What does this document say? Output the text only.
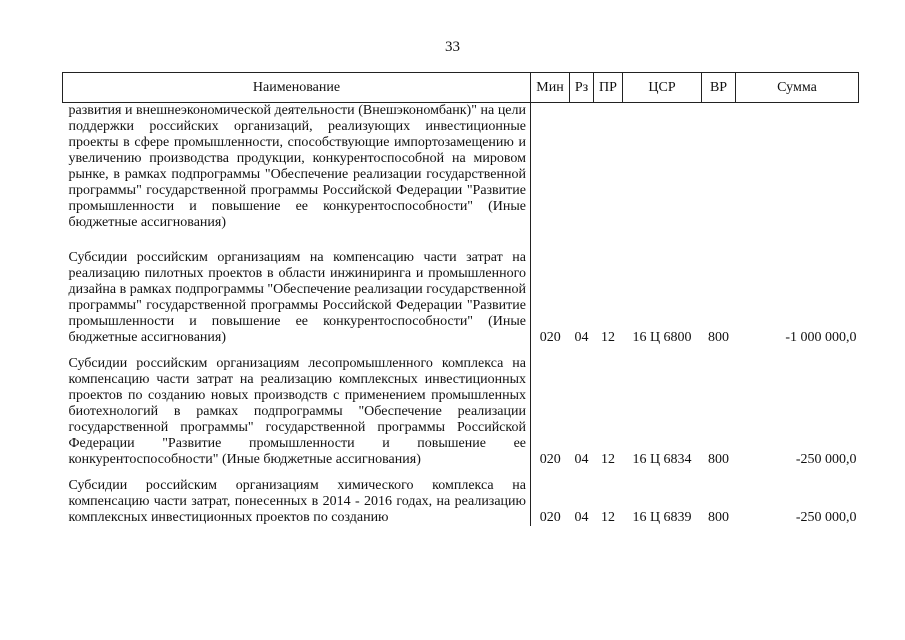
33
Наименование	Мин	Рз	ПР	ЦСР	ВР	Сумма

развития и внешнеэкономической деятельности (Внешэкономбанк)" на цели поддержки российских организаций, реализующих инвестиционные проекты в сфере промышленности, способствующие импортозамещению и увеличению производства продукции, конкурентоспособной на мировом рынке, в рамках подпрограммы "Обеспечение реализации государственной программы" государственной программы Российской Федерации "Развитие промышленности и повышение ее конкурентоспособности" (Иные бюджетные ассигнования)						

Субсидии российским организациям на компенсацию части затрат на реализацию пилотных проектов в области инжиниринга и промышленного дизайна в рамках подпрограммы "Обеспечение реализации государственной программы" государственной программы Российской Федерации "Развитие промышленности и повышение ее конкурентоспособности" (Иные бюджетные ассигнования)	020	04	12	16 Ц 6800	800	-1 000 000,0

Субсидии российским организациям лесопромышленного комплекса на компенсацию части затрат на реализацию комплексных инвестиционных проектов по созданию новых производств с применением промышленных биотехнологий в рамках подпрограммы "Обеспечение реализации государственной программы" государственной программы Российской Федерации "Развитие промышленности и повышение ее конкурентоспособности" (Иные бюджетные ассигнования)	020	04	12	16 Ц 6834	800	-250 000,0

Субсидии российским организациям химического комплекса на компенсацию части затрат, понесенных в 2014 - 2016 годах, на реализацию комплексных инвестиционных проектов по созданию	020	04	12	16 Ц 6839	800	-250 000,0
